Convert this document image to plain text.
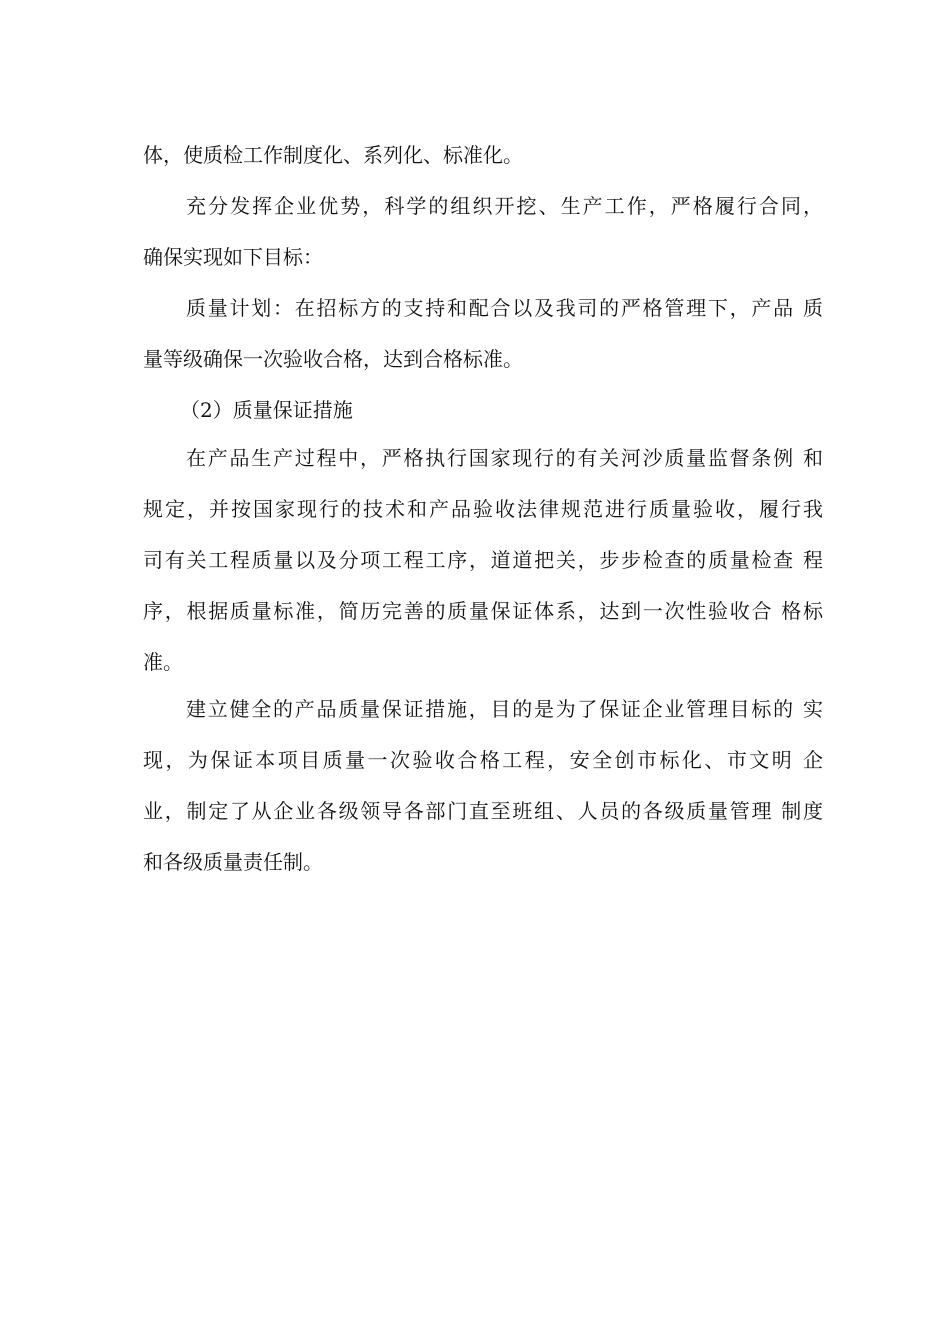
体，使质检工作制度化、系列化、标准化。
充分发挥企业优势，科学的组织开挖、生产工作，严格履行合同，
确保实现如下目标：
质量计划：在招标方的支持和配合以及我司的严格管理下，产品 质
量等级确保一次验收合格，达到合格标准。
（2）质量保证措施
在产品生产过程中，严格执行国家现行的有关河沙质量监督条例 和
规定，并按国家现行的技术和产品验收法律规范进行质量验收，履行我
司有关工程质量以及分项工程工序，道道把关，步步检查的质量检查 程
序，根据质量标准，简历完善的质量保证体系，达到一次性验收合 格标
准。
建立健全的产品质量保证措施，目的是为了保证企业管理目标的 实
现，为保证本项目质量一次验收合格工程，安全创市标化、市文明 企
业，制定了从企业各级领导各部门直至班组、人员的各级质量管理 制度
和各级质量责任制。
